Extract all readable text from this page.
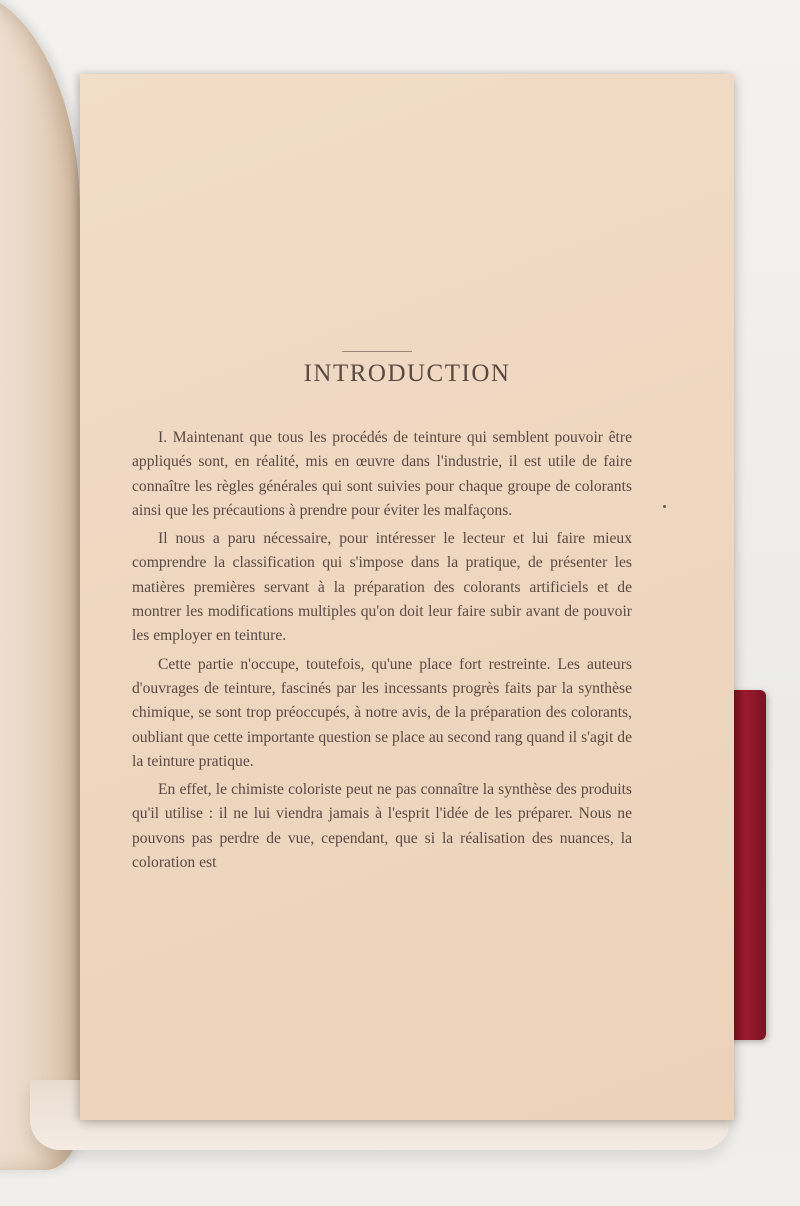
INTRODUCTION

I. Maintenant que tous les procédés de teinture qui semblent pouvoir être appliqués sont, en réalité, mis en œuvre dans l'industrie, il est utile de faire connaître les règles générales qui sont suivies pour chaque groupe de colorants ainsi que les précautions à prendre pour éviter les malfaçons.

Il nous a paru nécessaire, pour intéresser le lecteur et lui faire mieux comprendre la classification qui s'impose dans la pratique, de présenter les matières premières servant à la préparation des colorants artificiels et de montrer les modifications multiples qu'on doit leur faire subir avant de pouvoir les employer en teinture.

Cette partie n'occupe, toutefois, qu'une place fort restreinte. Les auteurs d'ouvrages de teinture, fascinés par les incessants progrès faits par la synthèse chimique, se sont trop préoccupés, à notre avis, de la préparation des colorants, oubliant que cette importante question se place au second rang quand il s'agit de la teinture pratique.

En effet, le chimiste coloriste peut ne pas connaître la synthèse des produits qu'il utilise : il ne lui viendra jamais à l'esprit l'idée de les préparer. Nous ne pouvons pas perdre de vue, cependant, que si la réalisation des nuances, la coloration est
